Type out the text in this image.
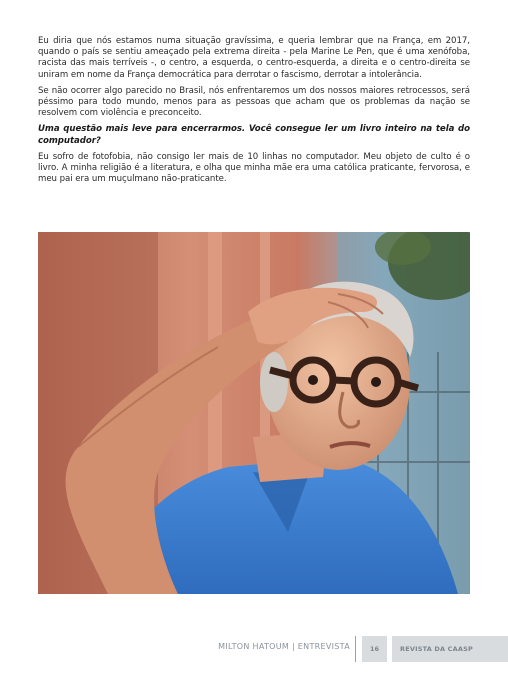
Eu diria que nós estamos numa situação gravíssima, e queria lembrar que na França, em 2017, quando o país se sentiu ameaçado pela extrema direita - pela Marine Le Pen, que é uma xenófoba, racista das mais terríveis -, o centro, a esquerda, o centro-esquerda, a direita e o centro-direita se uniram em nome da França democrática para derrotar o fascismo, derrotar a intolerância.

Se não ocorrer algo parecido no Brasil, nós enfrentaremos um dos nossos maiores retrocessos, será péssimo para todo mundo, menos para as pessoas que acham que os problemas da nação se resolvem com violência e preconceito.

Uma questão mais leve para encerrarmos. Você consegue ler um livro inteiro na tela do computador?

Eu sofro de fotofobia, não consigo ler mais de 10 linhas no computador. Meu objeto de culto é o livro. A minha religião é a literatura, e olha que minha mãe era uma católica praticante, fervorosa, e meu pai era um muçulmano não-praticante.

MILTON HATOUM | ENTREVISTA	16	REVISTA DA CAASP
